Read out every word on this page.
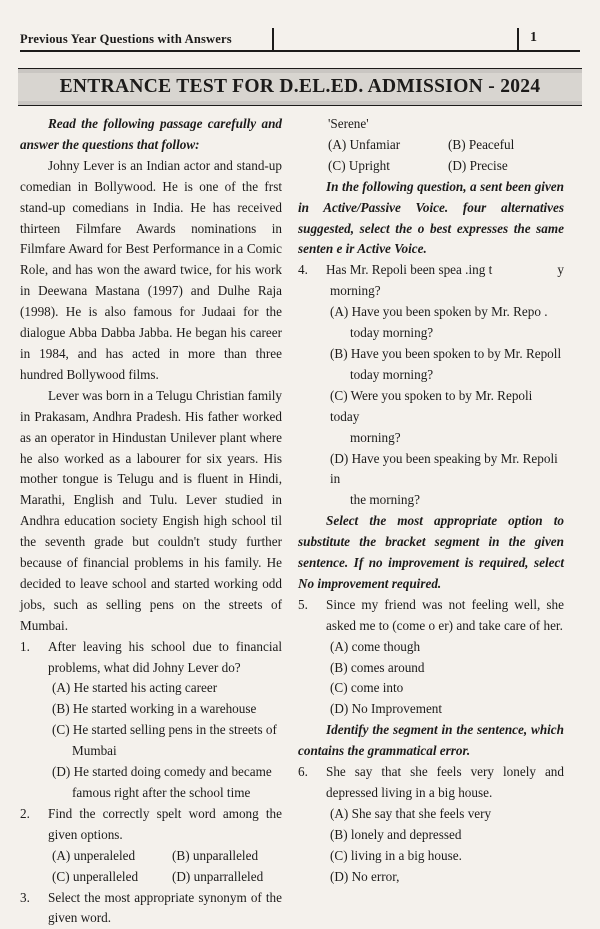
Previous Year Questions with Answers	1
ENTRANCE TEST FOR D.EL.ED. ADMISSION - 2024

Read the following passage carefully and answer the questions that follow:

Johny Lever is an Indian actor and stand-up comedian in Bollywood. He is one of the frst stand-up comedians in India. He has received thirteen Filmfare Awards nominations in Filmfare Award for Best Performance in a Comic Role, and has won the award twice, for his work in Deewana Mastana (1997) and Dulhe Raja (1998). He is also famous for Judaai for the dialogue Abba Dabba Jabba. He began his career in 1984, and has acted in more than three hundred Bollywood films.

Lever was born in a Telugu Christian family in Prakasam, Andhra Pradesh. His father worked as an operator in Hindustan Unilever plant where he also worked as a labourer for six years. His mother tongue is Telugu and is fluent in Hindi, Marathi, English and Tulu. Lever studied in Andhra education society Engish high school til the seventh grade but couldn't study further because of financial problems in his family. He decided to leave school and started working odd jobs, such as selling pens on the streets of Mumbai.

1.	After leaving his school due to financial problems, what did Johny Lever do?
(A) He started his acting career
(B) He started working in a warehouse
(C) He started selling pens in the streets of
Mumbai
(D) He started doing comedy and became
famous right after the school time
2.	Find the correctly spelt word among the given options.
(A) unperaleled	(B) unparalleled
(C) unperalleled	(D) unparralleled
3.	Select the most appropriate synonym of the given word.
'Serene'
(A) Unfamiar	(B) Peaceful
(C) Upright	(D) Precise

In the following question, a sent been given in Active/Passive Voice. four alternatives suggested, select the o best expresses the same senten e ir Active Voice.

4.	Has Mr. Repoli been spea .ing t	y
morning?
(A) Have you been spoken by Mr. Repo .
today morning?
(B) Have you been spoken to by Mr. Repoll
today morning?
(C) Were you spoken to by Mr. Repoli today
morning?
(D) Have you been speaking by Mr. Repoli in
the morning?

Select the most appropriate option to substitute the bracket segment in the given sentence. If no improvement is required, select No improvement required.

5.	Since my friend was not feeling well, she asked me to (come o er) and take care of her.
(A) come though
(B) comes around
(C) come into
(D) No Improvement

Identify the segment in the sentence, which contains the grammatical error.

6.	She say that she feels very lonely and depressed living in a big house.
(A) She say that she feels very
(B) lonely and depressed
(C) living in a big house.
(D) No error,
